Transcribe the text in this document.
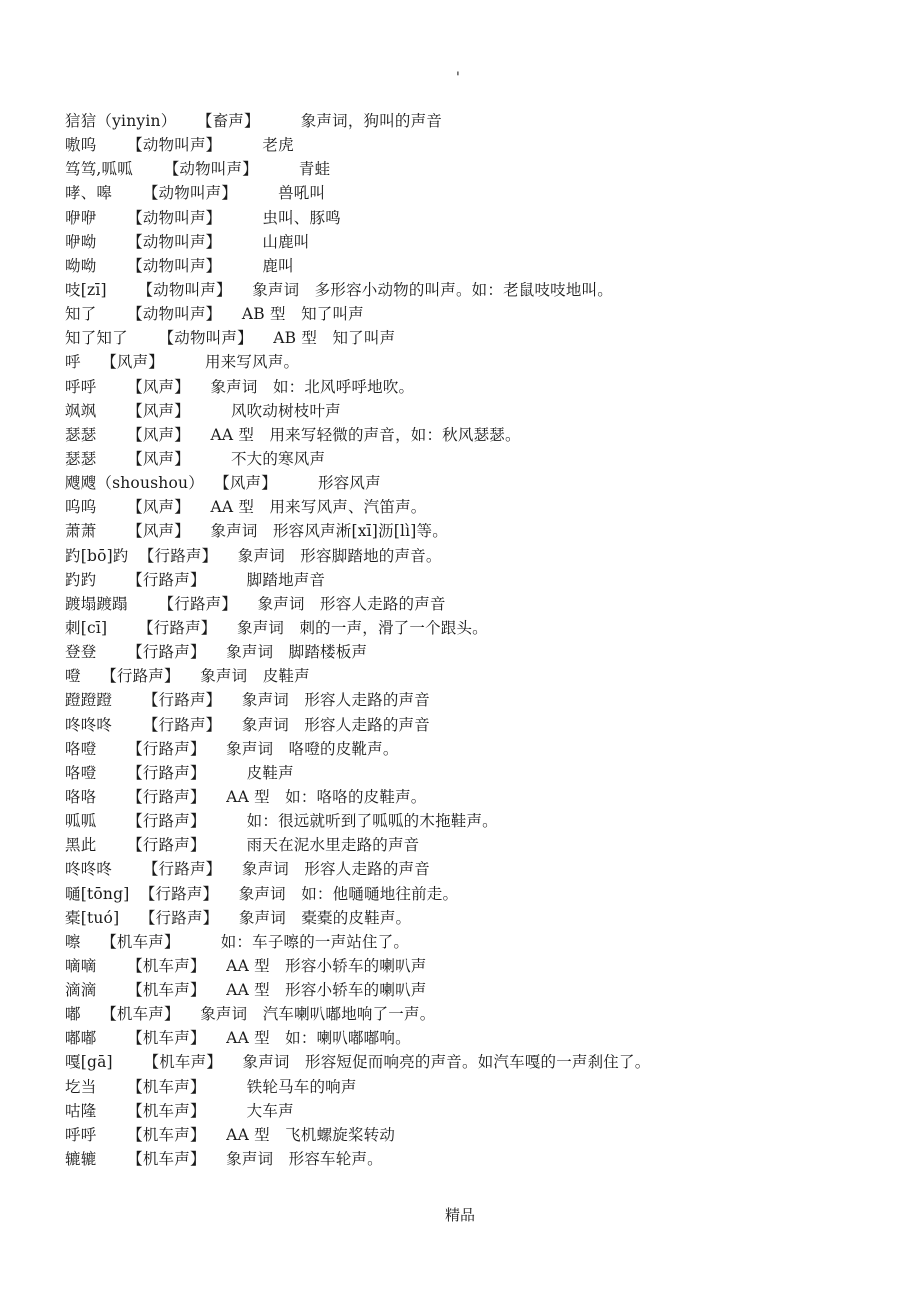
'
狺狺（yinyin）    【畜声】        象声词，狗叫的声音
嗷呜      【动物叫声】        老虎
笃笃,呱呱      【动物叫声】        青蛙
哮、嗥      【动物叫声】        兽吼叫
咿咿      【动物叫声】        虫叫、豚鸣
咿呦      【动物叫声】        山鹿叫
呦呦      【动物叫声】        鹿叫
吱[zī]      【动物叫声】    象声词   多形容小动物的叫声。如：老鼠吱吱地叫。
知了      【动物叫声】    AB 型   知了叫声
知了知了      【动物叫声】    AB 型   知了叫声
呼    【风声】        用来写风声。
呼呼      【风声】    象声词   如：北风呼呼地吹。
飒飒      【风声】        风吹动树枝叶声
瑟瑟      【风声】    AA 型   用来写轻微的声音，如：秋风瑟瑟。
瑟瑟      【风声】        不大的寒风声
飕飕（shoushou）  【风声】        形容风声
呜呜      【风声】    AA 型   用来写风声、汽笛声。
萧萧      【风声】    象声词   形容风声淅[xī]沥[lì]等。
趵[bō]趵  【行路声】    象声词   形容脚踏地的声音。
趵趵      【行路声】        脚踏地声音
踱塌踱蹋      【行路声】    象声词   形容人走路的声音
刺[cī]      【行路声】    象声词   刺的一声，滑了一个跟头。
登登      【行路声】    象声词   脚踏楼板声
噔    【行路声】    象声词   皮鞋声
蹬蹬蹬      【行路声】    象声词   形容人走路的声音
咚咚咚      【行路声】    象声词   形容人走路的声音
咯噔      【行路声】    象声词   咯噔的皮靴声。
咯噔      【行路声】        皮鞋声
咯咯      【行路声】    AA 型   如：咯咯的皮鞋声。
呱呱      【行路声】        如：很远就听到了呱呱的木拖鞋声。
黑此      【行路声】        雨天在泥水里走路的声音
咚咚咚      【行路声】    象声词   形容人走路的声音
嗵[tōng]  【行路声】    象声词   如：他嗵嗵地往前走。
橐[tuó]    【行路声】    象声词   橐橐的皮鞋声。
嚓    【机车声】        如：车子嚓的一声站住了。
嘀嘀      【机车声】    AA 型   形容小轿车的喇叭声
滴滴      【机车声】    AA 型   形容小轿车的喇叭声
嘟    【机车声】    象声词   汽车喇叭嘟地响了一声。
嘟嘟      【机车声】    AA 型   如：喇叭嘟嘟响。
嘎[gā]      【机车声】    象声词   形容短促而响亮的声音。如汽车嘎的一声刹住了。
圪当      【机车声】        铁轮马车的响声
咕隆      【机车声】        大车声
呼呼      【机车声】    AA 型   飞机螺旋桨转动
辘辘      【机车声】    象声词   形容车轮声。
精品
